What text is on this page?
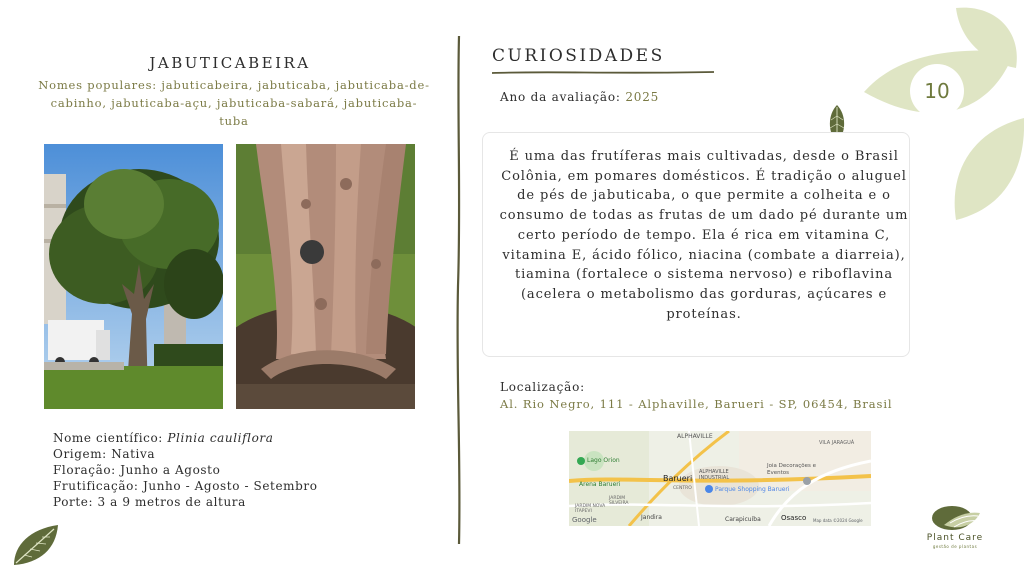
JABUTICABEIRA
Nomes populares: jabuticabeira, jabuticaba, jabuticaba-de-cabinho, jabuticaba-açu, jabuticaba-sabará, jabuticaba-tuba
Nome científico: Plinia cauliflora
Origem: Nativa
Floração: Junho a Agosto
Frutificação: Junho - Agosto - Setembro
Porte: 3 a 9 metros de altura
CURIOSIDADES
Ano da avaliação: 2025
É uma das frutíferas mais cultivadas, desde o Brasil Colônia, em pomares domésticos. É tradição o aluguel de pés de jabuticaba, o que permite a colheita e o consumo de todas as frutas de um dado pé durante um certo período de tempo. Ela é rica em vitamina C, vitamina E, ácido fólico, niacina (combate a diarreia), tiamina (fortalece o sistema nervoso) e riboflavina (acelera o metabolismo das gorduras, açúcares e proteínas.
Localização:
Al. Rio Negro, 111 - Alphaville, Barueri - SP, 06454, Brasil
ALPHAVILLE
VILA JARAGUÁ
Lago Orion
ALPHAVILLE INDUSTRIAL
Joia Decorações e Eventos
Barueri
Arena Barueri
CENTRO	Parque Shopping Barueri
JARDIM SILVEIRA
JARDIM NOVA ITAPEVI
Jandira	Carapicuíba	Osasco
Google	Map data ©2024 Google
10
Plant Care
gestão de plantas
